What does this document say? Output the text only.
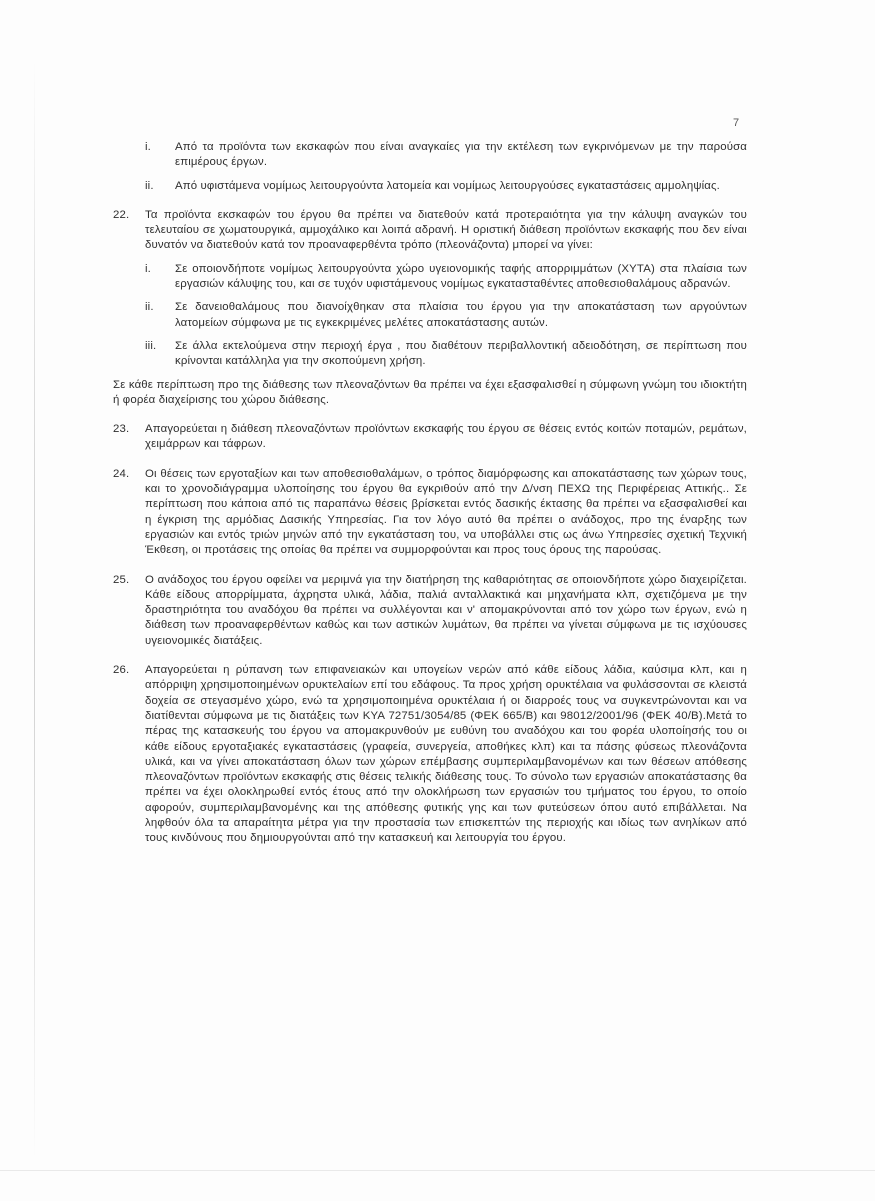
7
i. Από τα προϊόντα των εκσκαφών που είναι αναγκαίες για την εκτέλεση των εγκρινόμενων με την παρούσα επιμέρους έργων.
ii. Από υφιστάμενα νομίμως λειτουργούντα λατομεία και νομίμως λειτουργούσες εγκαταστάσεις αμμοληψίας.
22. Τα προϊόντα εκσκαφών του έργου θα πρέπει να διατεθούν κατά προτεραιότητα για την κάλυψη αναγκών του τελευταίου σε χωματουργικά, αμμοχάλικο και λοιπά αδρανή. Η οριστική διάθεση προϊόντων εκσκαφής που δεν είναι δυνατόν να διατεθούν κατά τον προαναφερθέντα τρόπο (πλεονάζοντα) μπορεί να γίνει:
i. Σε οποιονδήποτε νομίμως λειτουργούντα χώρο υγειονομικής ταφής απορριμμάτων (ΧΥΤΑ) στα πλαίσια των εργασιών κάλυψης του, και σε τυχόν υφιστάμενους νομίμως εγκατασταθέντες αποθεσιοθαλάμους αδρανών.
ii. Σε δανειοθαλάμους που διανοίχθηκαν στα πλαίσια του έργου για την αποκατάσταση των αργούντων λατομείων σύμφωνα με τις εγκεκριμένες μελέτες αποκατάστασης αυτών.
iii. Σε άλλα εκτελούμενα στην περιοχή έργα , που διαθέτουν περιβαλλοντική αδειοδότηση, σε περίπτωση που κρίνονται κατάλληλα για την σκοπούμενη χρήση.
Σε κάθε περίπτωση προ της διάθεσης των πλεοναζόντων θα πρέπει να έχει εξασφαλισθεί η σύμφωνη γνώμη του ιδιοκτήτη ή φορέα διαχείρισης του χώρου διάθεσης.
23. Απαγορεύεται η διάθεση πλεοναζόντων προϊόντων εκσκαφής του έργου σε θέσεις εντός κοιτών ποταμών, ρεμάτων, χειμάρρων και τάφρων.
24. Οι θέσεις των εργοταξίων και των αποθεσιοθαλάμων, ο τρόπος διαμόρφωσης και αποκατάστασης των χώρων τους, και το χρονοδιάγραμμα υλοποίησης του έργου θα εγκριθούν από την Δ/νση ΠΕΧΩ της Περιφέρειας Αττικής.. Σε περίπτωση που κάποια από τις παραπάνω θέσεις βρίσκεται εντός δασικής έκτασης θα πρέπει να εξασφαλισθεί και η έγκριση της αρμόδιας Δασικής Υπηρεσίας. Για τον λόγο αυτό θα πρέπει ο ανάδοχος, προ της έναρξης των εργασιών και εντός τριών μηνών από την εγκατάσταση του, να υποβάλλει στις ως άνω Υπηρεσίες σχετική Τεχνική Έκθεση, οι προτάσεις της οποίας θα πρέπει να συμμορφούνται και προς τους όρους της παρούσας.
25. Ο ανάδοχος του έργου οφείλει να μεριμνά για την διατήρηση της καθαριότητας σε οποιονδήποτε χώρο διαχειρίζεται. Κάθε είδους απορρίμματα, άχρηστα υλικά, λάδια, παλιά ανταλλακτικά και μηχανήματα κλπ, σχετιζόμενα με την δραστηριότητα του αναδόχου θα πρέπει να συλλέγονται και ν' απομακρύνονται από τον χώρο των έργων, ενώ η διάθεση των προαναφερθέντων καθώς και των αστικών λυμάτων, θα πρέπει να γίνεται σύμφωνα με τις ισχύουσες υγειονομικές διατάξεις.
26. Απαγορεύεται η ρύπανση των επιφανειακών και υπογείων νερών από κάθε είδους λάδια, καύσιμα κλπ, και η απόρριψη χρησιμοποιημένων ορυκτελαίων επί του εδάφους. Τα προς χρήση ορυκτέλαια να φυλάσσονται σε κλειστά δοχεία σε στεγασμένο χώρο, ενώ τα χρησιμοποιημένα ορυκτέλαια ή οι διαρροές τους να συγκεντρώνονται και να διατίθενται σύμφωνα με τις διατάξεις των ΚΥΑ 72751/3054/85 (ΦΕΚ 665/Β) και 98012/2001/96 (ΦΕΚ 40/Β).Μετά το πέρας της κατασκευής του έργου να απομακρυνθούν με ευθύνη του αναδόχου και του φορέα υλοποίησής του οι κάθε είδους εργοταξιακές εγκαταστάσεις (γραφεία, συνεργεία, αποθήκες κλπ) και τα πάσης φύσεως πλεονάζοντα υλικά, και να γίνει αποκατάσταση όλων των χώρων επέμβασης συμπεριλαμβανομένων και των θέσεων απόθεσης πλεοναζόντων προϊόντων εκσκαφής στις θέσεις τελικής διάθεσης τους. Το σύνολο των εργασιών αποκατάστασης θα πρέπει να έχει ολοκληρωθεί εντός έτους από την ολοκλήρωση των εργασιών του τμήματος του έργου, το οποίο αφορούν, συμπεριλαμβανομένης και της απόθεσης φυτικής γης και των φυτεύσεων όπου αυτό επιβάλλεται. Να ληφθούν όλα τα απαραίτητα μέτρα για την προστασία των επισκεπτών της περιοχής και ιδίως των ανηλίκων από τους κινδύνους που δημιουργούνται από την κατασκευή και λειτουργία του έργου.
